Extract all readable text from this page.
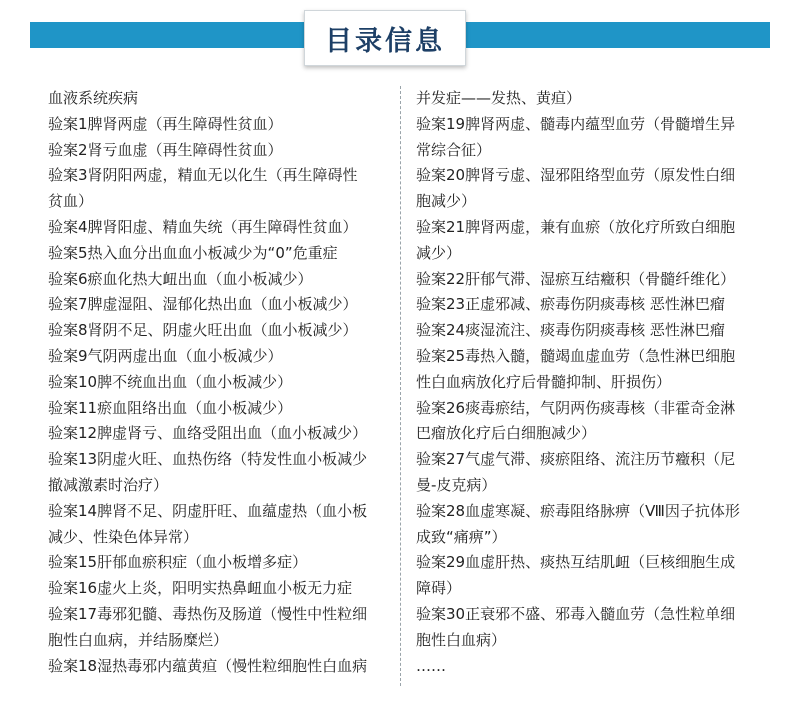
目录信息
血液系统疾病
验案1脾肾两虚（再生障碍性贫血）
验案2肾亏血虚（再生障碍性贫血）
验案3肾阴阳两虚，精血无以化生（再生障碍性
贫血）
验案4脾肾阳虚、精血失统（再生障碍性贫血）
验案5热入血分出血血小板减少为“0”危重症
验案6瘀血化热大衄出血（血小板减少）
验案7脾虚湿阻、湿郁化热出血（血小板减少）
验案8肾阴不足、阴虚火旺出血（血小板减少）
验案9气阴两虚出血（血小板减少）
验案10脾不统血出血（血小板减少）
验案11瘀血阻络出血（血小板减少）
验案12脾虚肾亏、血络受阻出血（血小板减少）
验案13阴虚火旺、血热伤络（特发性血小板减少
撤减激素时治疗）
验案14脾肾不足、阴虚肝旺、血蕴虚热（血小板
减少、性染色体异常）
验案15肝郁血瘀积症（血小板增多症）
验案16虚火上炎，阳明实热鼻衄血小板无力症
验案17毒邪犯髓、毒热伤及肠道（慢性中性粒细
胞性白血病，并结肠糜烂）
验案18湿热毒邪内蕴黄疸（慢性粒细胞性白血病
并发症——发热、黄疸）
验案19脾肾两虚、髓毒内蕴型血劳（骨髓增生异
常综合征）
验案20脾肾亏虚、湿邪阻络型血劳（原发性白细
胞减少）
验案21脾肾两虚，兼有血瘀（放化疗所致白细胞
减少）
验案22肝郁气滞、湿瘀互结癥积（骨髓纤维化）
验案23正虚邪减、瘀毒伤阴痰毒核 恶性淋巴瘤
验案24痰湿流注、痰毒伤阴痰毒核 恶性淋巴瘤
验案25毒热入髓，髓竭血虚血劳（急性淋巴细胞
性白血病放化疗后骨髓抑制、肝损伤）
验案26痰毒瘀结，气阴两伤痰毒核（非霍奇金淋
巴瘤放化疗后白细胞减少）
验案27气虚气滞、痰瘀阻络、流注历节癥积（尼
曼-皮克病）
验案28血虚寒凝、瘀毒阻络脉痹（Ⅷ因子抗体形
成致“痛痹”）
验案29血虚肝热、痰热互结肌衄（巨核细胞生成
障碍）
验案30正衰邪不盛、邪毒入髓血劳（急性粒单细
胞性白血病）
……
